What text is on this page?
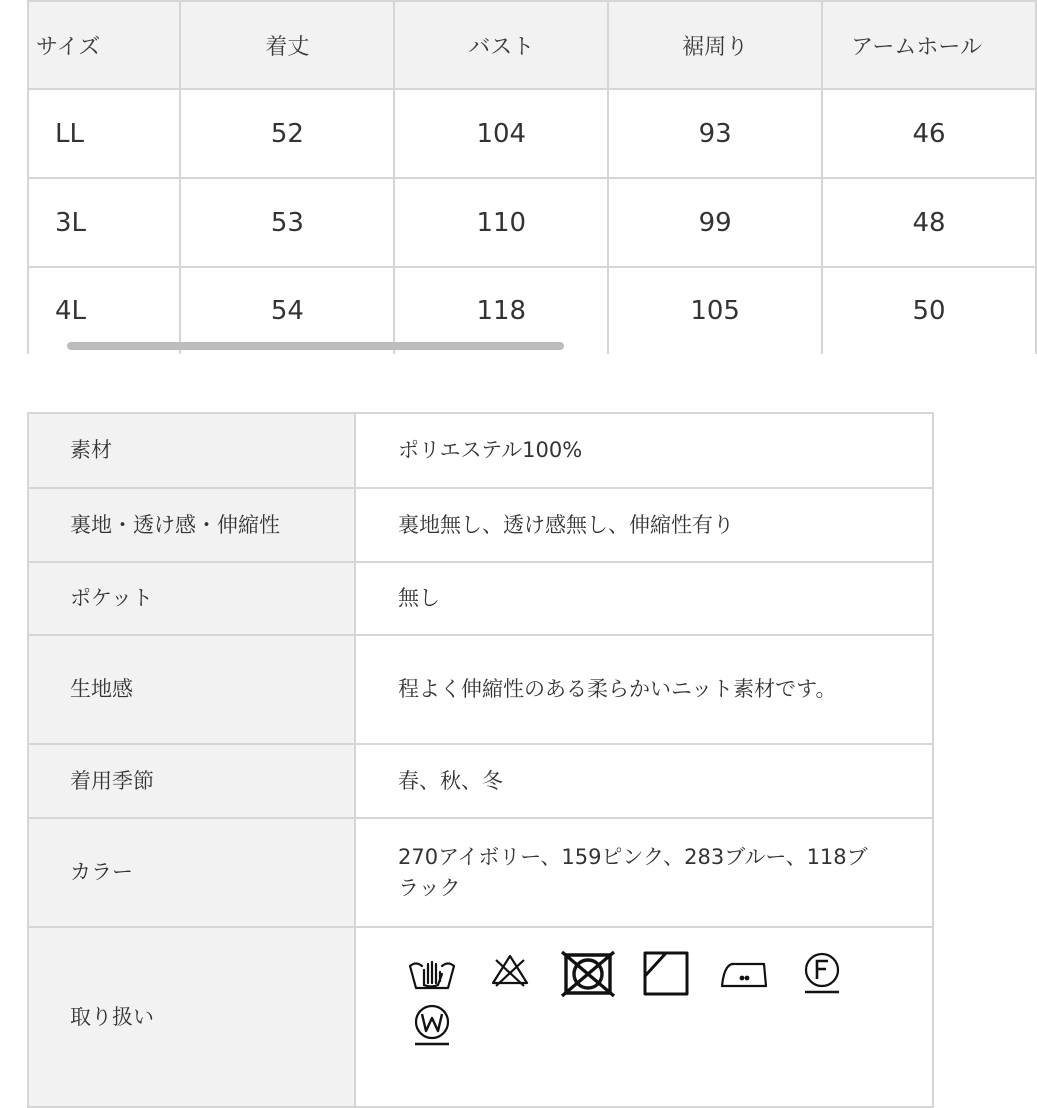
サイズ	着丈	バスト	裾周り	アームホール
LL	52	104	93	46
3L	53	110	99	48
4L	54	118	105	50
素材	ポリエステル100%
裏地・透け感・伸縮性	裏地無し、透け感無し、伸縮性有り
ポケット	無し
生地感	程よく伸縮性のある柔らかいニット素材です。
着用季節	春、秋、冬
カラー	270アイボリー、159ピンク、283ブルー、118ブラック
取り扱い	
